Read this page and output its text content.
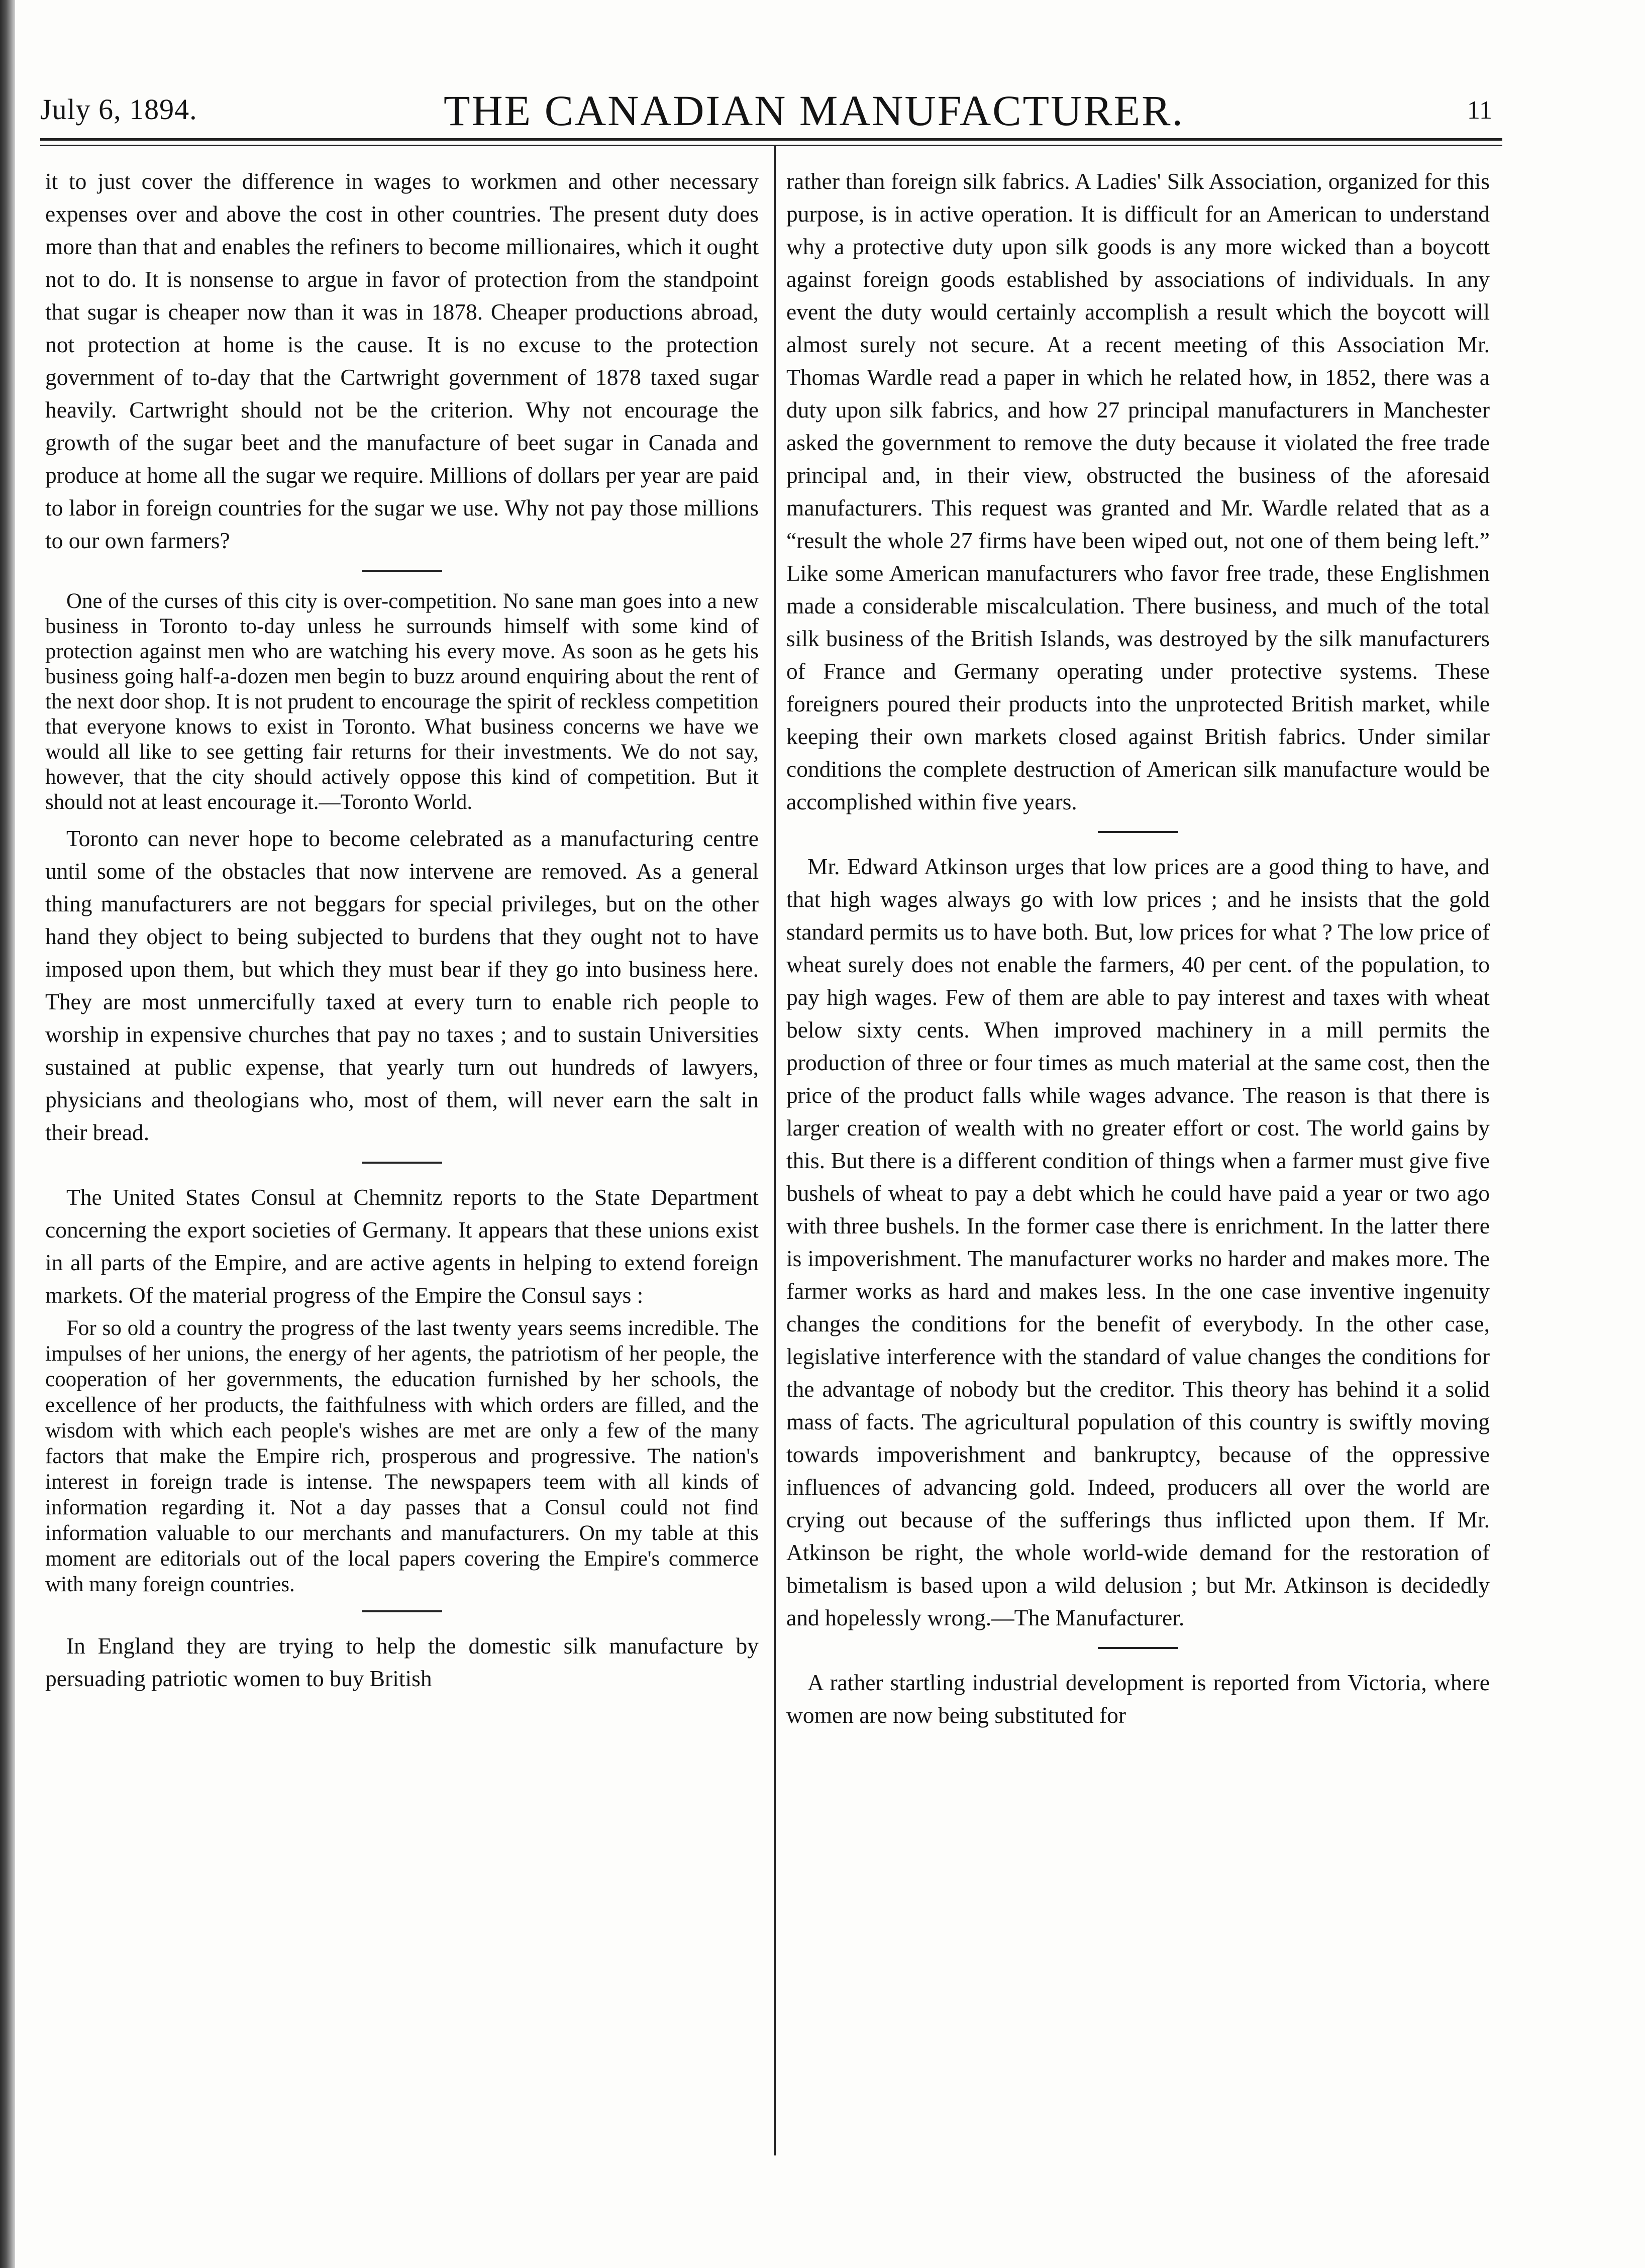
July 6, 1894.	THE CANADIAN MANUFACTURER.	11

it to just cover the difference in wages to workmen and other necessary expenses over and above the cost in other countries. The present duty does more than that and enables the refiners to become millionaires, which it ought not to do. It is nonsense to argue in favor of protection from the standpoint that sugar is cheaper now than it was in 1878. Cheaper productions abroad, not protection at home is the cause. It is no excuse to the protection government of to-day that the Cartwright government of 1878 taxed sugar heavily. Cartwright should not be the criterion. Why not encourage the growth of the sugar beet and the manufacture of beet sugar in Canada and produce at home all the sugar we require. Millions of dollars per year are paid to labor in foreign countries for the sugar we use. Why not pay those millions to our own farmers?

One of the curses of this city is over-competition. No sane man goes into a new business in Toronto to-day unless he surrounds himself with some kind of protection against men who are watching his every move. As soon as he gets his business going half-a-dozen men begin to buzz around enquiring about the rent of the next door shop. It is not prudent to encourage the spirit of reckless competition that everyone knows to exist in Toronto. What business concerns we have we would all like to see getting fair returns for their investments. We do not say, however, that the city should actively oppose this kind of competition. But it should not at least encourage it.—Toronto World.

Toronto can never hope to become celebrated as a manufacturing centre until some of the obstacles that now intervene are removed. As a general thing manufacturers are not beggars for special privileges, but on the other hand they object to being subjected to burdens that they ought not to have imposed upon them, but which they must bear if they go into business here. They are most unmercifully taxed at every turn to enable rich people to worship in expensive churches that pay no taxes ; and to sustain Universities sustained at public expense, that yearly turn out hundreds of lawyers, physicians and theologians who, most of them, will never earn the salt in their bread.

The United States Consul at Chemnitz reports to the State Department concerning the export societies of Germany. It appears that these unions exist in all parts of the Empire, and are active agents in helping to extend foreign markets. Of the material progress of the Empire the Consul says :

For so old a country the progress of the last twenty years seems incredible. The impulses of her unions, the energy of her agents, the patriotism of her people, the cooperation of her governments, the education furnished by her schools, the excellence of her products, the faithfulness with which orders are filled, and the wisdom with which each people's wishes are met are only a few of the many factors that make the Empire rich, prosperous and progressive. The nation's interest in foreign trade is intense. The newspapers teem with all kinds of information regarding it. Not a day passes that a Consul could not find information valuable to our merchants and manufacturers. On my table at this moment are editorials out of the local papers covering the Empire's commerce with many foreign countries.

In England they are trying to help the domestic silk manufacture by persuading patriotic women to buy British

rather than foreign silk fabrics. A Ladies' Silk Association, organized for this purpose, is in active operation. It is difficult for an American to understand why a protective duty upon silk goods is any more wicked than a boycott against foreign goods established by associations of individuals. In any event the duty would certainly accomplish a result which the boycott will almost surely not secure. At a recent meeting of this Association Mr. Thomas Wardle read a paper in which he related how, in 1852, there was a duty upon silk fabrics, and how 27 principal manufacturers in Manchester asked the government to remove the duty because it violated the free trade principal and, in their view, obstructed the business of the aforesaid manufacturers. This request was granted and Mr. Wardle related that as a “result the whole 27 firms have been wiped out, not one of them being left.” Like some American manufacturers who favor free trade, these Englishmen made a considerable miscalculation. There business, and much of the total silk business of the British Islands, was destroyed by the silk manufacturers of France and Germany operating under protective systems. These foreigners poured their products into the unprotected British market, while keeping their own markets closed against British fabrics. Under similar conditions the complete destruction of American silk manufacture would be accomplished within five years.

Mr. Edward Atkinson urges that low prices are a good thing to have, and that high wages always go with low prices ; and he insists that the gold standard permits us to have both. But, low prices for what ? The low price of wheat surely does not enable the farmers, 40 per cent. of the population, to pay high wages. Few of them are able to pay interest and taxes with wheat below sixty cents. When improved machinery in a mill permits the production of three or four times as much material at the same cost, then the price of the product falls while wages advance. The reason is that there is larger creation of wealth with no greater effort or cost. The world gains by this. But there is a different condition of things when a farmer must give five bushels of wheat to pay a debt which he could have paid a year or two ago with three bushels. In the former case there is enrichment. In the latter there is impoverishment. The manufacturer works no harder and makes more. The farmer works as hard and makes less. In the one case inventive ingenuity changes the conditions for the benefit of everybody. In the other case, legislative interference with the standard of value changes the conditions for the advantage of nobody but the creditor. This theory has behind it a solid mass of facts. The agricultural population of this country is swiftly moving towards impoverishment and bankruptcy, because of the oppressive influences of advancing gold. Indeed, producers all over the world are crying out because of the sufferings thus inflicted upon them. If Mr. Atkinson be right, the whole world-wide demand for the restoration of bimetalism is based upon a wild delusion ; but Mr. Atkinson is decidedly and hopelessly wrong.—The Manufacturer.

A rather startling industrial development is reported from Victoria, where women are now being substituted for
